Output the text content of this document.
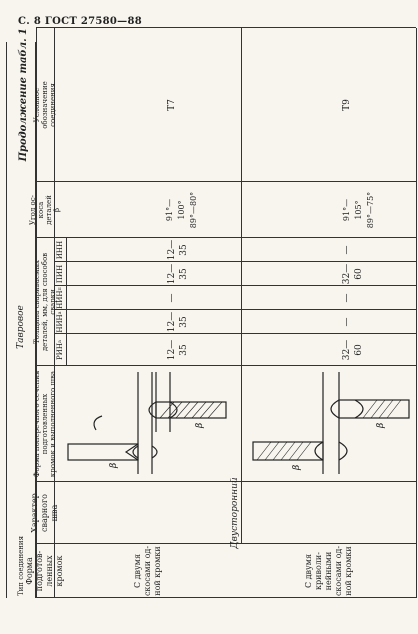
С. 8 ГОСТ 27580—88
Продолжение табл. 1
Форма подготов-
ленных
кромок
Характер
сварного
шва
Форма поперечного сечения подготовленных
кромок и выполненного шва
Толщина свариваемых
деталей, мм, для способов
сварки
Угол ос-
коса
деталей
β
Условное
обозначение
соединения
РИН
а
НИН
а
НИН
п
ПИН
ИНН
Двусторонний
С двумя
скосами од-
ной кромки
12—
35
12—
35
—
12—
35
12—
35
91°—
100°
89°—80°
Т7
С двумя
криволи-
нейными
скосами од-
ной кромки
32—
60
—
—
32—
60
—
91°—
105°
89°—75°
Т9
β
β
β
β
Тип соединения
Тавровое
